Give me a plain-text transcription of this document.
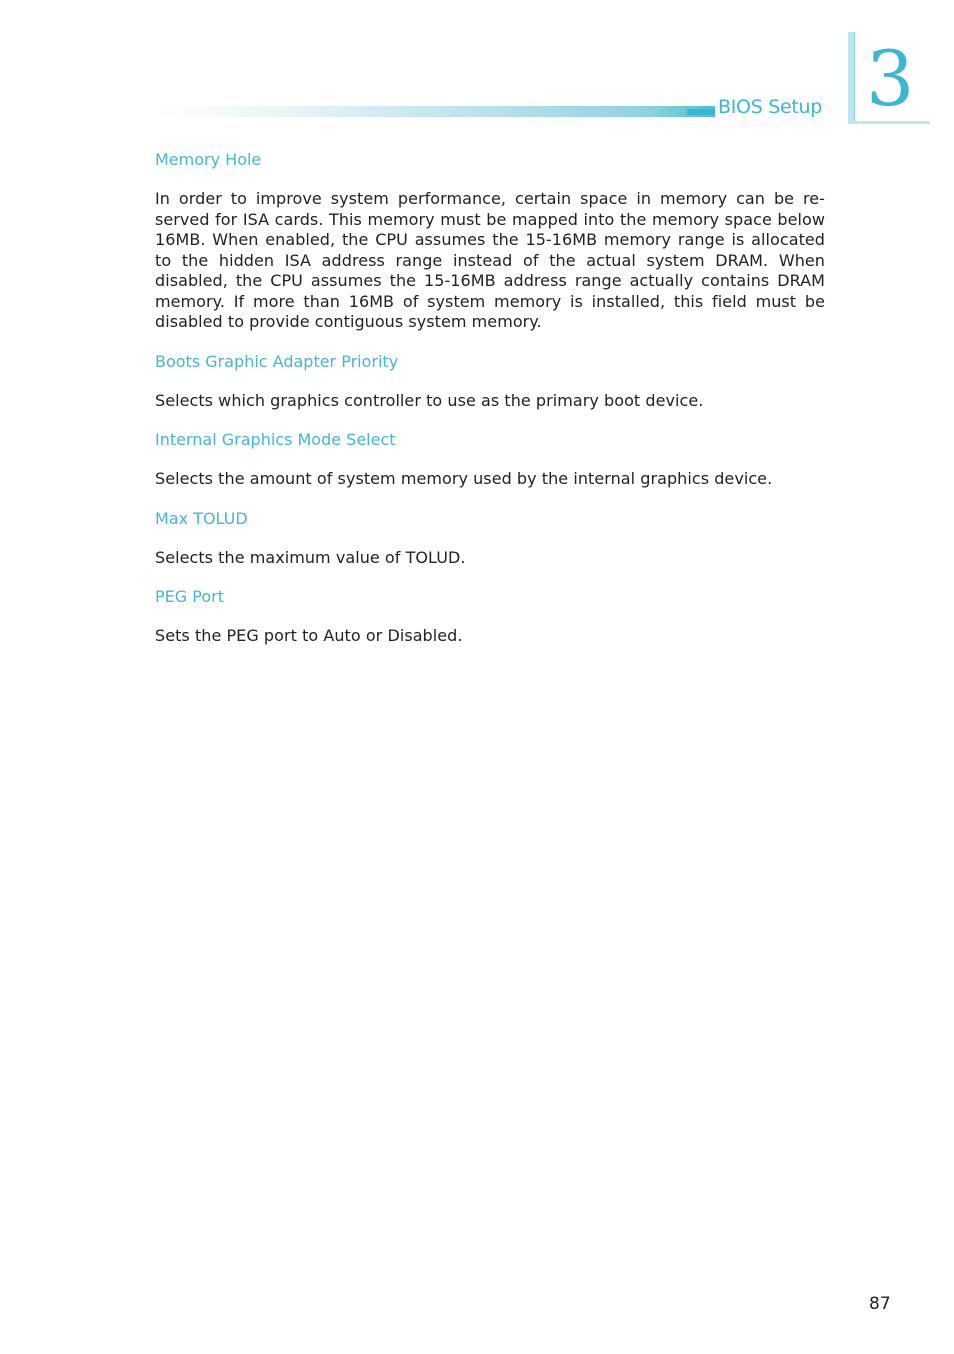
BIOS Setup 3
Memory Hole
In order to improve system performance, certain space in memory can be re-served for ISA cards. This memory must be mapped into the memory space below 16MB. When enabled, the CPU assumes the 15-16MB memory range is allocated to the hidden ISA address range instead of the actual system DRAM. When disabled, the CPU assumes the 15-16MB address range actually contains DRAM memory. If more than 16MB of system memory is installed, this field must be disabled to provide contiguous system memory.
Boots Graphic Adapter Priority
Selects which graphics controller to use as the primary boot device.
Internal Graphics Mode Select
Selects the amount of system memory used by the internal graphics device.
Max TOLUD
Selects the maximum value of TOLUD.
PEG Port
Sets the PEG port to Auto or Disabled.
87
